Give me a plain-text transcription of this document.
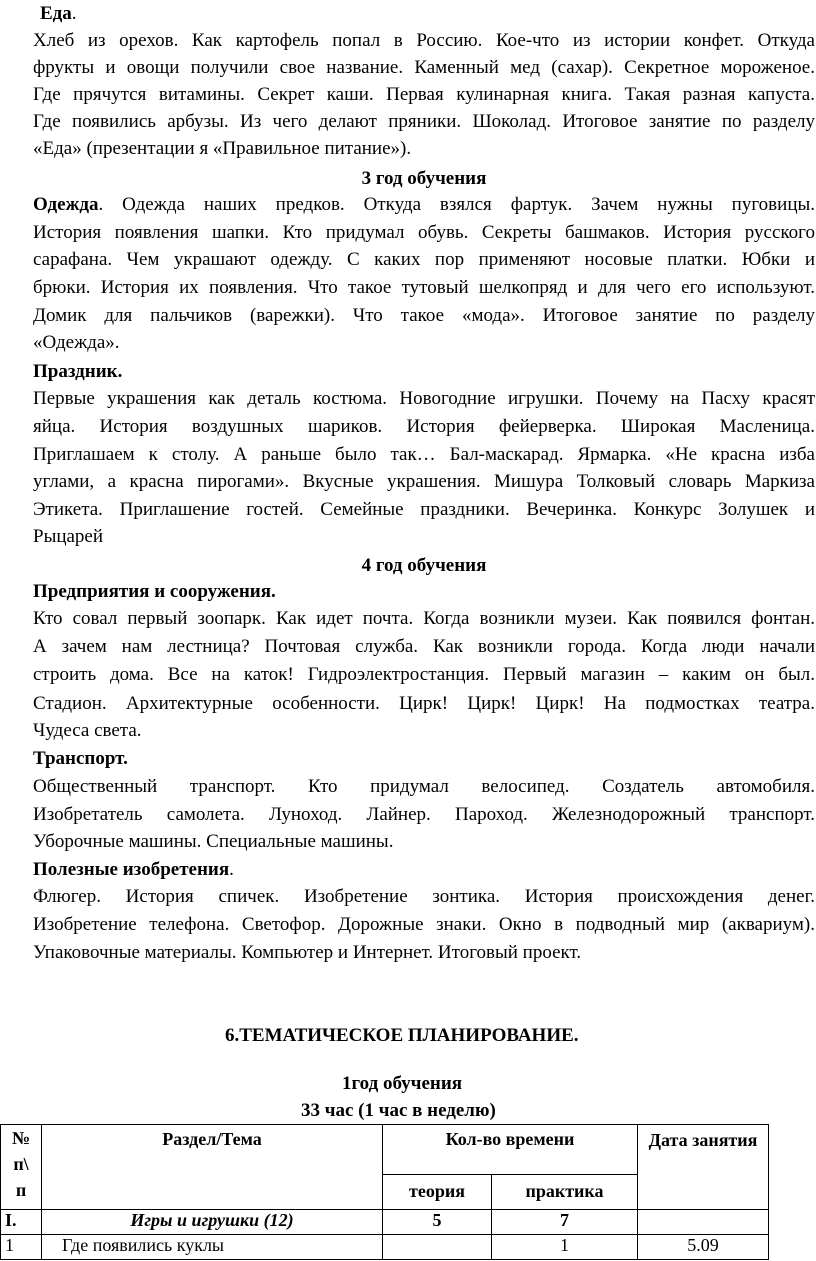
Еда.
Хлеб из орехов. Как картофель попал в Россию. Кое-что из истории конфет. Откуда
фрукты и овощи получили свое название. Каменный мед (сахар). Секретное мороженое.
Где прячутся витамины. Секрет каши. Первая кулинарная книга. Такая разная капуста.
Где появились арбузы. Из чего делают пряники. Шоколад. Итоговое занятие по разделу
«Еда» (презентации я «Правильное питание»).
3 год обучения
Одежда. Одежда наших предков. Откуда взялся фартук. Зачем нужны пуговицы.
История появления шапки. Кто придумал обувь. Секреты башмаков. История русского
сарафана. Чем украшают одежду. С каких пор применяют носовые платки. Юбки и
брюки. История их появления. Что такое тутовый шелкопряд и для чего его используют.
Домик для пальчиков (варежки). Что такое «мода». Итоговое занятие по разделу
«Одежда».
Праздник.
Первые украшения как деталь костюма. Новогодние игрушки. Почему на Пасху красят
яйца. История воздушных шариков. История фейерверка. Широкая Масленица.
Приглашаем к столу. А раньше было так… Бал-маскарад. Ярмарка. «Не красна изба
углами, а красна пирогами». Вкусные украшения. Мишура Толковый словарь Маркиза
Этикета. Приглашение гостей. Семейные праздники. Вечеринка. Конкурс Золушек и
Рыцарей
4 год обучения
Предприятия и сооружения.
Кто совал первый зоопарк. Как идет почта. Когда возникли музеи. Как появился фонтан.
А зачем нам лестница? Почтовая служба. Как возникли города. Когда люди начали
строить дома. Все на каток! Гидроэлектростанция. Первый магазин – каким он был.
Стадион. Архитектурные особенности. Цирк! Цирк! Цирк! На подмостках театра.
Чудеса света.
Транспорт.
Общественный транспорт. Кто придумал велосипед. Создатель автомобиля.
Изобретатель самолета. Луноход. Лайнер. Пароход. Железнодорожный транспорт.
Уборочные машины. Специальные машины.
Полезные изобретения.
Флюгер. История спичек. Изобретение зонтика. История происхождения денег.
Изобретение телефона. Светофор. Дорожные знаки. Окно в подводный мир (аквариум).
Упаковочные материалы. Компьютер и Интернет. Итоговый проект.
6.ТЕМАТИЧЕСКОЕ ПЛАНИРОВАНИЕ.
1год обучения
33 час (1 час в неделю)
№
п\
п	Раздел/Тема	Кол-во времени		Дата занятия
		теория	практика	
I.	Игры и игрушки (12)	5	7	
1	Где появились куклы		1	5.09
